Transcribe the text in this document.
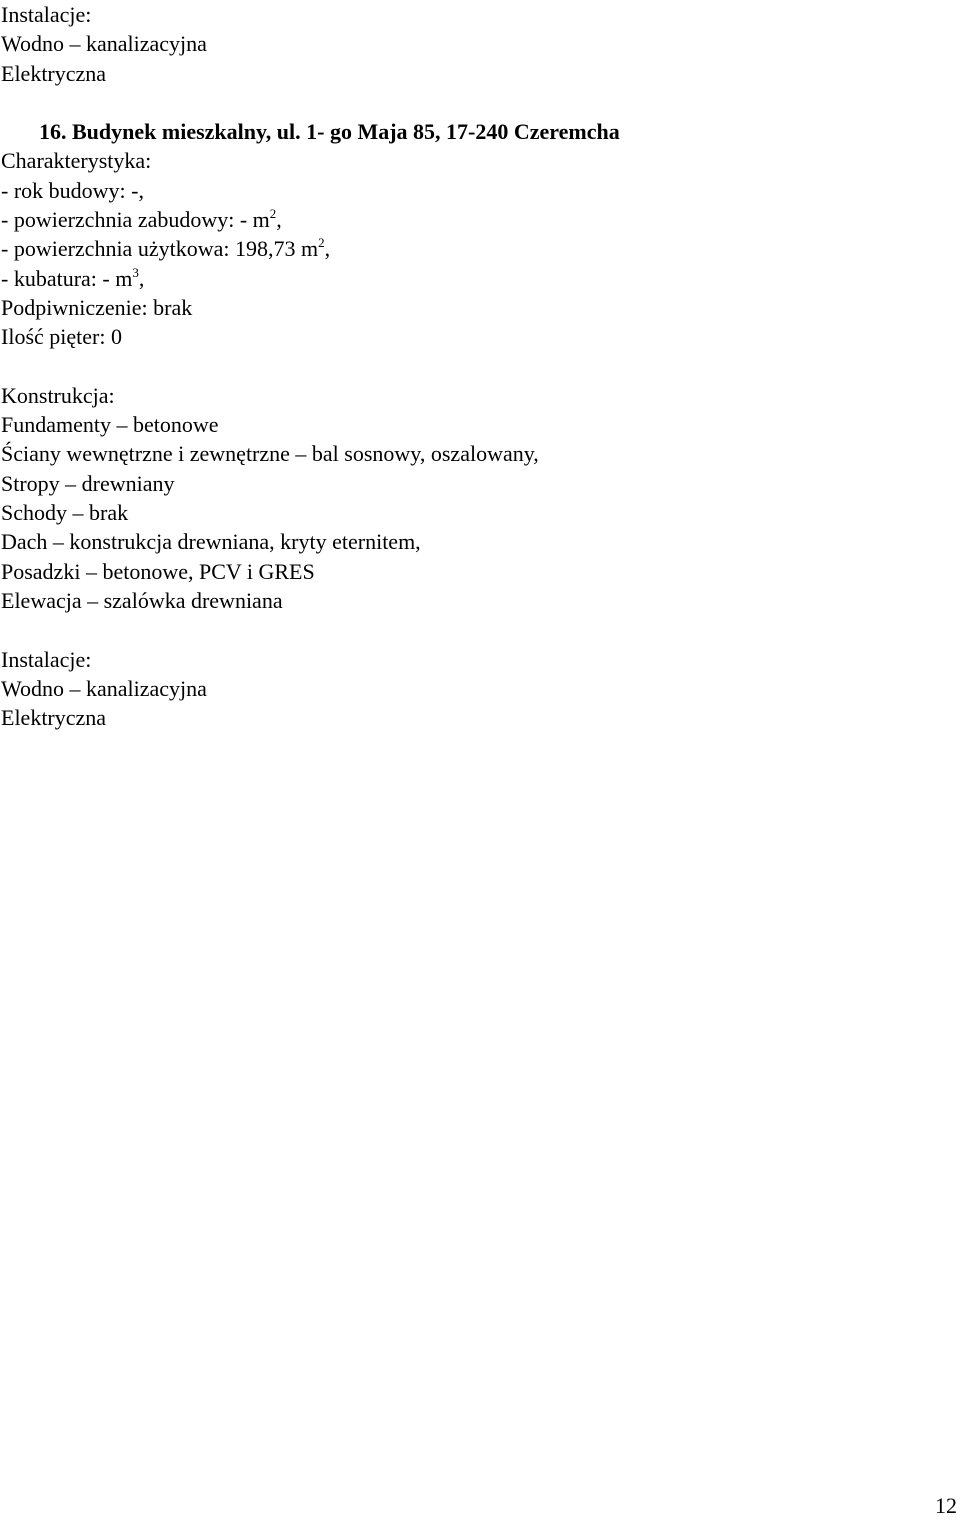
Instalacje:
Wodno – kanalizacyjna
Elektryczna
16. Budynek mieszkalny, ul. 1- go Maja 85, 17-240 Czeremcha
Charakterystyka:
- rok budowy: -,
- powierzchnia zabudowy: - $m^2$,
- powierzchnia użytkowa: 198,73 $m^2$,
- kubatura: - $m^3$,
Podpiwniczenie: brak
Ilość pięter: 0
Konstrukcja:
Fundamenty – betonowe
Ściany wewnętrzne i zewnętrzne – bal sosnowy, oszalowany,
Stropy – drewniany
Schody – brak
Dach – konstrukcja drewniana, kryty eternitem,
Posadzki – betonowe, PCV i GRES
Elewacja – szalówka drewniana
Instalacje:
Wodno – kanalizacyjna
Elektryczna
12
